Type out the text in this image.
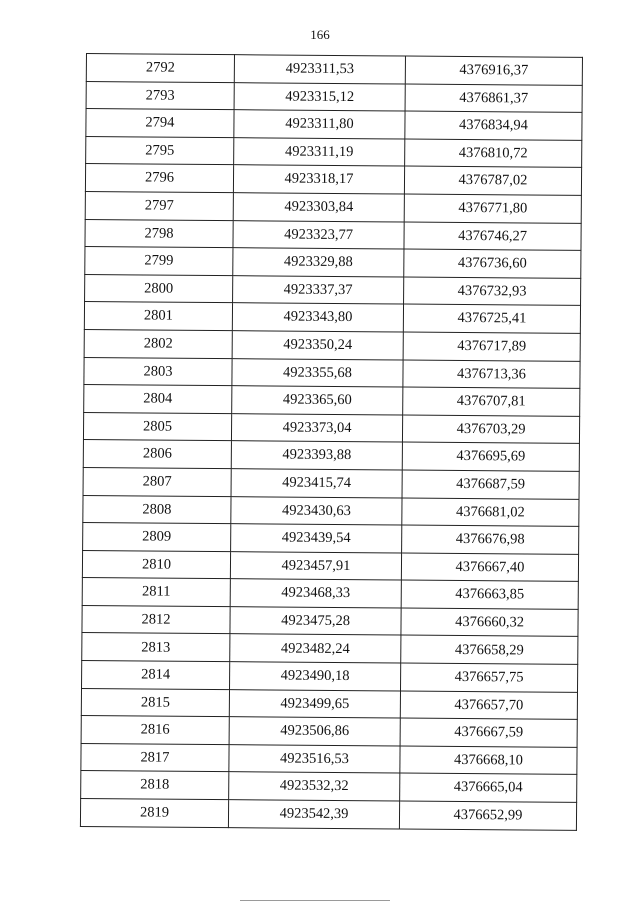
166
2792	4923311,53	4376916,37
2793	4923315,12	4376861,37
2794	4923311,80	4376834,94
2795	4923311,19	4376810,72
2796	4923318,17	4376787,02
2797	4923303,84	4376771,80
2798	4923323,77	4376746,27
2799	4923329,88	4376736,60
2800	4923337,37	4376732,93
2801	4923343,80	4376725,41
2802	4923350,24	4376717,89
2803	4923355,68	4376713,36
2804	4923365,60	4376707,81
2805	4923373,04	4376703,29
2806	4923393,88	4376695,69
2807	4923415,74	4376687,59
2808	4923430,63	4376681,02
2809	4923439,54	4376676,98
2810	4923457,91	4376667,40
2811	4923468,33	4376663,85
2812	4923475,28	4376660,32
2813	4923482,24	4376658,29
2814	4923490,18	4376657,75
2815	4923499,65	4376657,70
2816	4923506,86	4376667,59
2817	4923516,53	4376668,10
2818	4923532,32	4376665,04
2819	4923542,39	4376652,99
